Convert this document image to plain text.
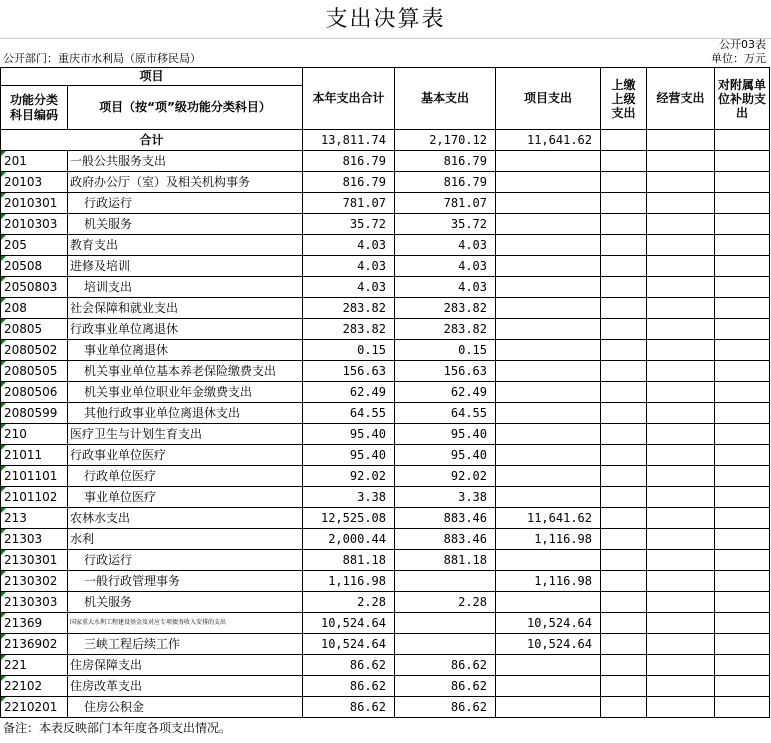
支出决算表
公开03表
公开部门：重庆市水利局（原市移民局）	单位：万元
项目		本年支出合计	基本支出	项目支出	上缴上级支出	经营支出	对附属单位补助支出
功能分类科目编码	项目（按“项”级功能分类科目）						
合计		13,811.74	2,170.12	11,641.62			

201	一般公共服务支出	816.79	816.79				

20103	政府办公厅（室）及相关机构事务	816.79	816.79				

2010301	行政运行	781.07	781.07				

2010303	机关服务	35.72	35.72				

205	教育支出	4.03	4.03				

20508	进修及培训	4.03	4.03				

2050803	培训支出	4.03	4.03				

208	社会保障和就业支出	283.82	283.82				

20805	行政事业单位离退休	283.82	283.82				

2080502	事业单位离退休	0.15	0.15				

2080505	机关事业单位基本养老保险缴费支出	156.63	156.63				

2080506	机关事业单位职业年金缴费支出	62.49	62.49				

2080599	其他行政事业单位离退休支出	64.55	64.55				

210	医疗卫生与计划生育支出	95.40	95.40				

21011	行政事业单位医疗	95.40	95.40				

2101101	行政单位医疗	92.02	92.02				

2101102	事业单位医疗	3.38	3.38				

213	农林水支出	12,525.08	883.46	11,641.62			

21303	水利	2,000.44	883.46	1,116.98			

2130301	行政运行	881.18	881.18				

2130302	一般行政管理事务	1,116.98		1,116.98			

2130303	机关服务	2.28	2.28				

21369	国家重大水利工程建设基金及对应专项债务收入安排的支出	10,524.64		10,524.64			

2136902	三峡工程后续工作	10,524.64		10,524.64			

221	住房保障支出	86.62	86.62				

22102	住房改革支出	86.62	86.62				

2210201	住房公积金	86.62	86.62				
备注：本表反映部门本年度各项支出情况。
